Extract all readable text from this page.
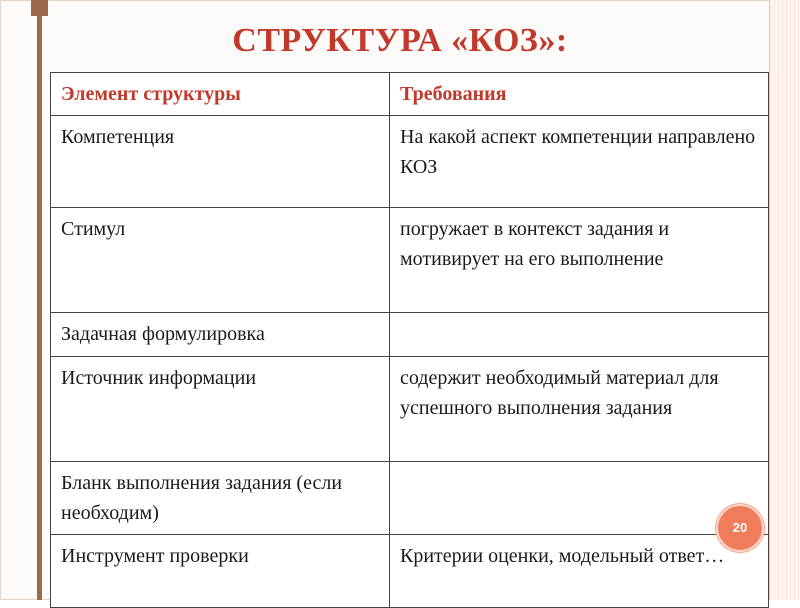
СТРУКТУРА «КОЗ»:
Элемент структуры	Требования
Компетенция	На какой аспект компетенции направлено КОЗ
Стимул	погружает в контекст задания и мотивирует на его выполнение
Задачная формулировка	
Источник информации	содержит необходимый материал для успешного выполнения задания
Бланк выполнения задания (если необходим)	
Инструмент проверки	Критерии оценки, модельный ответ…
20
